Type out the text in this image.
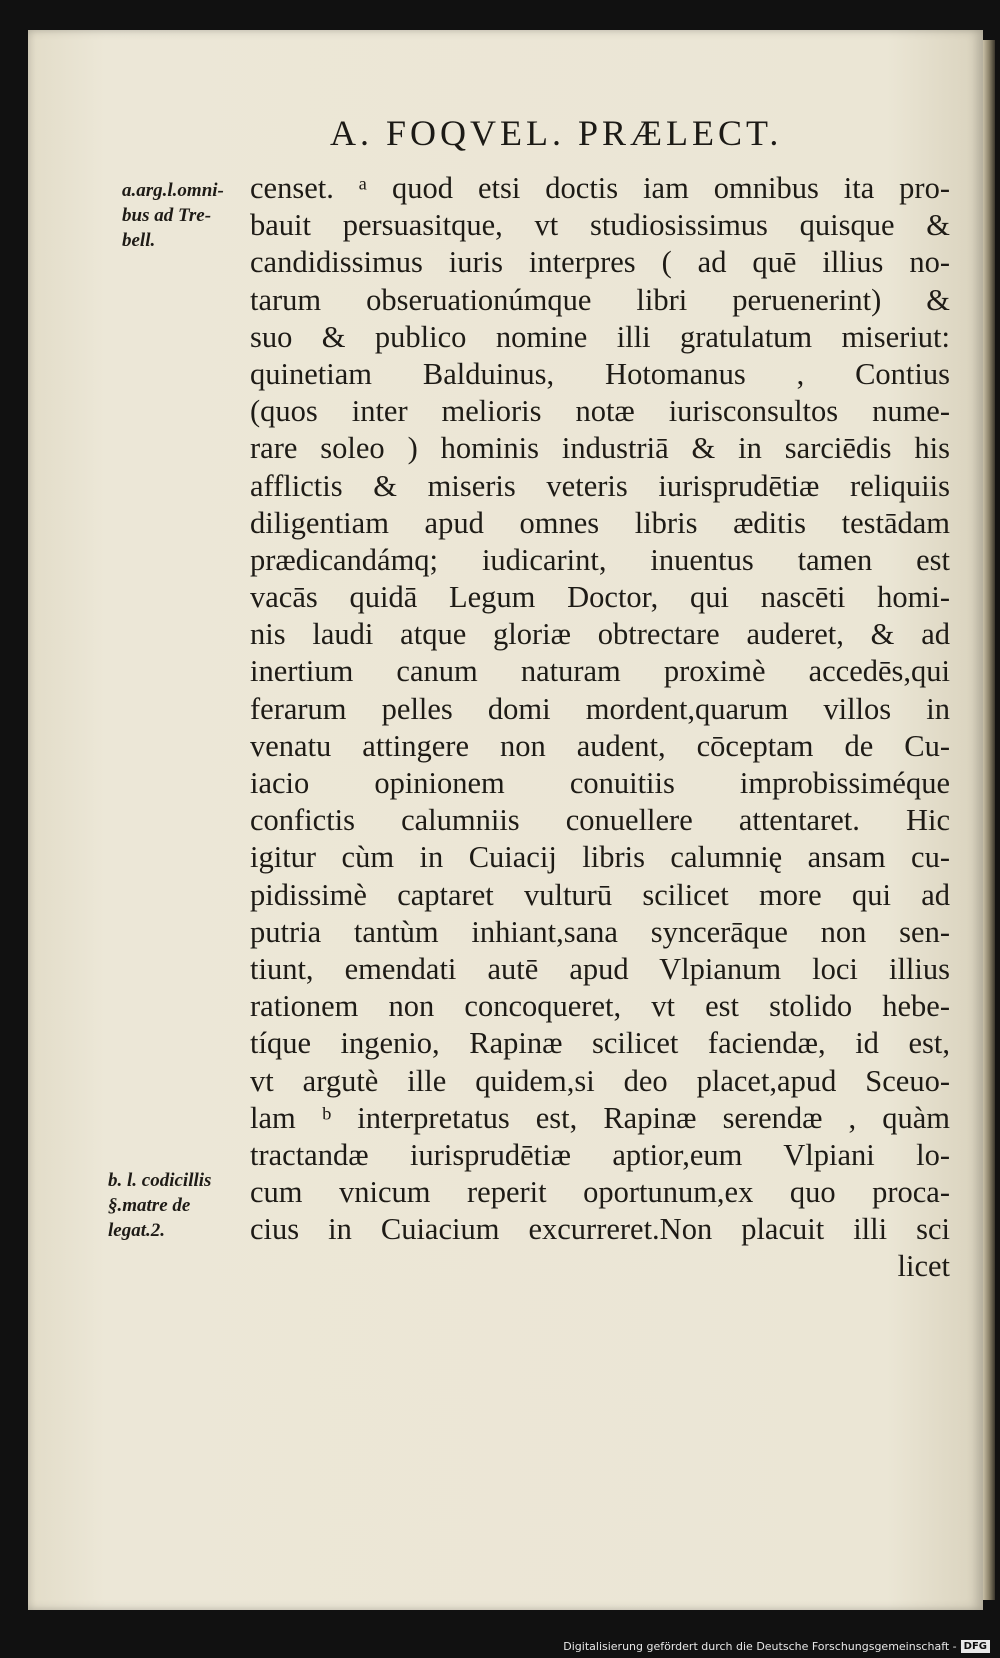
A. FOQVEL. PRÆLECT.
a.arg.l.omni-
bus ad Tre-
bell.
b. l. codicillis
§.matre de
legat.2.
censet. ᵃ quod etsi doctis iam omnibus ita pro-
bauit persuasitque, vt studiosissimus quisque &
candidissimus iuris interpres ( ad quē illius no-
tarum obseruationúmque libri peruenerint) &
suo & publico nomine illi gratulatum miseriut:
quinetiam Balduinus, Hotomanus , Contius
(quos inter melioris notæ iurisconsultos nume-
rare soleo ) hominis industriā & in sarciēdis his
afflictis & miseris veteris iurisprudētiæ reliquiis
diligentiam apud omnes libris æditis testādam
prædicandámq; iudicarint, inuentus tamen est
vacās quidā Legum Doctor, qui nascēti homi-
nis laudi atque gloriæ obtrectare auderet, & ad
inertium canum naturam proximè accedēs,qui
ferarum pelles domi mordent,quarum villos in
venatu attingere non audent, cōceptam de Cu-
iacio opinionem conuitiis improbissiméque
confictis calumniis conuellere attentaret. Hic
igitur cùm in Cuiacij libris calumnię ansam cu-
pidissimè captaret vulturū scilicet more qui ad
putria tantùm inhiant,sana syncerāque non sen-
tiunt, emendati autē apud Vlpianum loci illius
rationem non concoqueret, vt est stolido hebe-
tíque ingenio, Rapinæ scilicet faciendæ, id est,
vt argutè ille quidem,si deo placet,apud Sceuo-
lam ᵇ interpretatus est, Rapinæ serendæ , quàm
tractandæ iurisprudētiæ aptior,eum Vlpiani lo-
cum vnicum reperit oportunum,ex quo proca-
cius in Cuiacium excurreret.Non placuit illi sci
licet
Digitalisierung gefördert durch die Deutsche Forschungsgemeinschaft - DFG
